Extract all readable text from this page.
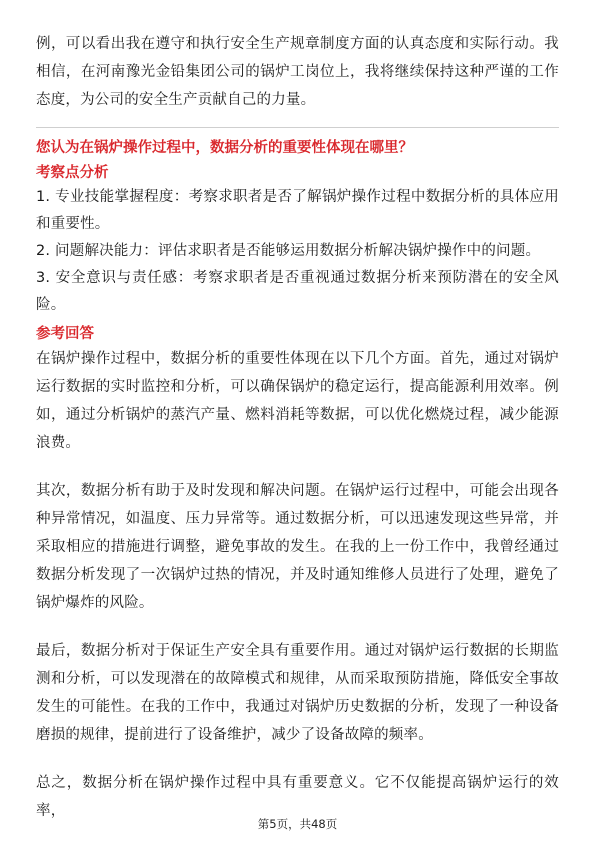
例，可以看出我在遵守和执行安全生产规章制度方面的认真态度和实际行动。我相信，在河南豫光金铅集团公司的锅炉工岗位上，我将继续保持这种严谨的工作态度，为公司的安全生产贡献自己的力量。

您认为在锅炉操作过程中，数据分析的重要性体现在哪里？
考察点分析

1. 专业技能掌握程度：考察求职者是否了解锅炉操作过程中数据分析的具体应用和重要性。

2. 问题解决能力：评估求职者是否能够运用数据分析解决锅炉操作中的问题。

3. 安全意识与责任感：考察求职者是否重视通过数据分析来预防潜在的安全风险。

参考回答

在锅炉操作过程中，数据分析的重要性体现在以下几个方面。首先，通过对锅炉运行数据的实时监控和分析，可以确保锅炉的稳定运行，提高能源利用效率。例如，通过分析锅炉的蒸汽产量、燃料消耗等数据，可以优化燃烧过程，减少能源浪费。

其次，数据分析有助于及时发现和解决问题。在锅炉运行过程中，可能会出现各种异常情况，如温度、压力异常等。通过数据分析，可以迅速发现这些异常，并采取相应的措施进行调整，避免事故的发生。在我的上一份工作中，我曾经通过数据分析发现了一次锅炉过热的情况，并及时通知维修人员进行了处理，避免了锅炉爆炸的风险。

最后，数据分析对于保证生产安全具有重要作用。通过对锅炉运行数据的长期监测和分析，可以发现潜在的故障模式和规律，从而采取预防措施，降低安全事故发生的可能性。在我的工作中，我通过对锅炉历史数据的分析，发现了一种设备磨损的规律，提前进行了设备维护，减少了设备故障的频率。

总之，数据分析在锅炉操作过程中具有重要意义。它不仅能提高锅炉运行的效率，

第5页，共48页
